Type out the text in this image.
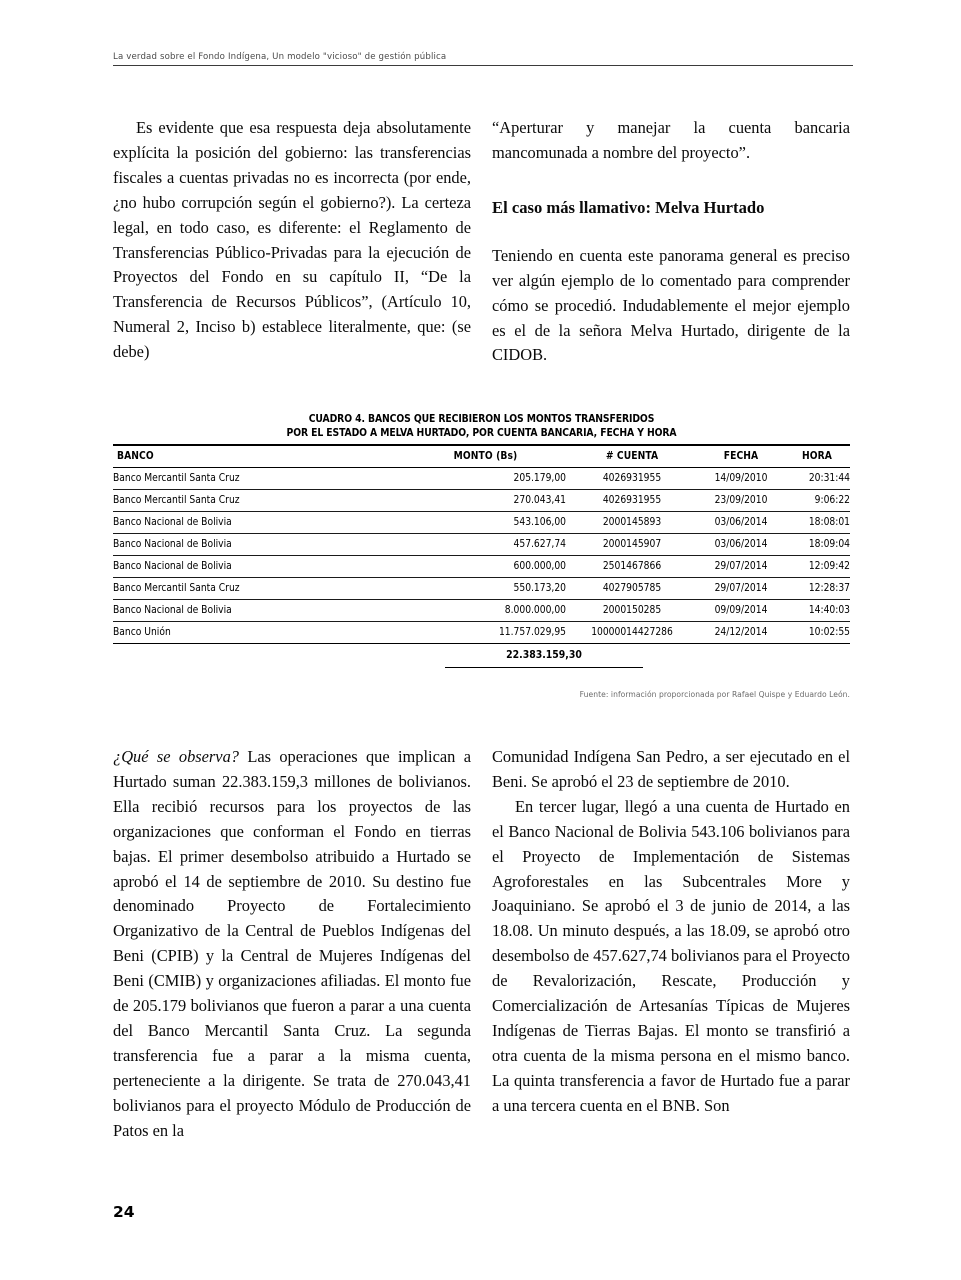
La verdad sobre el Fondo Indígena, Un modelo "vicioso" de gestión pública

Es evidente que esa respuesta deja absolutamente explícita la posición del gobierno: las transferencias fiscales a cuentas privadas no es incorrecta (por ende, ¿no hubo corrupción según el gobierno?). La certeza legal, en todo caso, es diferente: el Reglamento de Transferencias Público-Privadas para la ejecución de Proyectos del Fondo en su capítulo II, “De la Transferencia de Recursos Públicos”, (Artículo 10, Numeral 2, Inciso b) establece literalmente, que: (se debe)

“Aperturar y manejar la cuenta bancaria mancomunada a nombre del proyecto”.

El caso más llamativo: Melva Hurtado

Teniendo en cuenta este panorama general es preciso ver algún ejemplo de lo comentado para comprender cómo se procedió. Indudablemente el mejor ejemplo es el de la señora Melva Hurtado, dirigente de la CIDOB.

CUADRO 4. BANCOS QUE RECIBIERON LOS MONTOS TRANSFERIDOS
POR EL ESTADO A MELVA HURTADO, POR CUENTA BANCARIA, FECHA Y HORA
BANCO	MONTO (Bs)	# CUENTA	FECHA	HORA
Banco Mercantil Santa Cruz	205.179,00	4026931955	14/09/2010	20:31:44
Banco Mercantil Santa Cruz	270.043,41	4026931955	23/09/2010	9:06:22
Banco Nacional de Bolivia	543.106,00	2000145893	03/06/2014	18:08:01
Banco Nacional de Bolivia	457.627,74	2000145907	03/06/2014	18:09:04
Banco Nacional de Bolivia	600.000,00	2501467866	29/07/2014	12:09:42
Banco Mercantil Santa Cruz	550.173,20	4027905785	29/07/2014	12:28:37
Banco Nacional de Bolivia	8.000.000,00	2000150285	09/09/2014	14:40:03
Banco Unión	11.757.029,95	10000014427286	24/12/2014	10:02:55
22.383.159,30
Fuente: información proporcionada por Rafael Quispe y Eduardo León.

¿Qué se observa? Las operaciones que implican a Hurtado suman 22.383.159,3 millones de bolivianos. Ella recibió recursos para los proyectos de las organizaciones que conforman el Fondo en tierras bajas. El primer desembolso atribuido a Hurtado se aprobó el 14 de septiembre de 2010. Su destino fue denominado Proyecto de Fortalecimiento Organizativo de la Central de Pueblos Indígenas del Beni (CPIB) y la Central de Mujeres Indígenas del Beni (CMIB) y organizaciones afiliadas. El monto fue de 205.179 bolivianos que fueron a parar a una cuenta del Banco Mercantil Santa Cruz. La segunda transferencia fue a parar a la misma cuenta, perteneciente a la dirigente. Se trata de 270.043,41 bolivianos para el proyecto Módulo de Producción de Patos en la

Comunidad Indígena San Pedro, a ser ejecutado en el Beni. Se aprobó el 23 de septiembre de 2010.

En tercer lugar, llegó a una cuenta de Hurtado en el Banco Nacional de Bolivia 543.106 bolivianos para el Proyecto de Implementación de Sistemas Agroforestales en las Subcentrales More y Joaquiniano. Se aprobó el 3 de junio de 2014, a las 18.08. Un minuto después, a las 18.09, se aprobó otro desembolso de 457.627,74 bolivianos para el Proyecto de Revalorización, Rescate, Producción y Comercialización de Artesanías Típicas de Mujeres Indígenas de Tierras Bajas. El monto se transfirió a otra cuenta de la misma persona en el mismo banco. La quinta transferencia a favor de Hurtado fue a parar a una tercera cuenta en el BNB. Son

24
